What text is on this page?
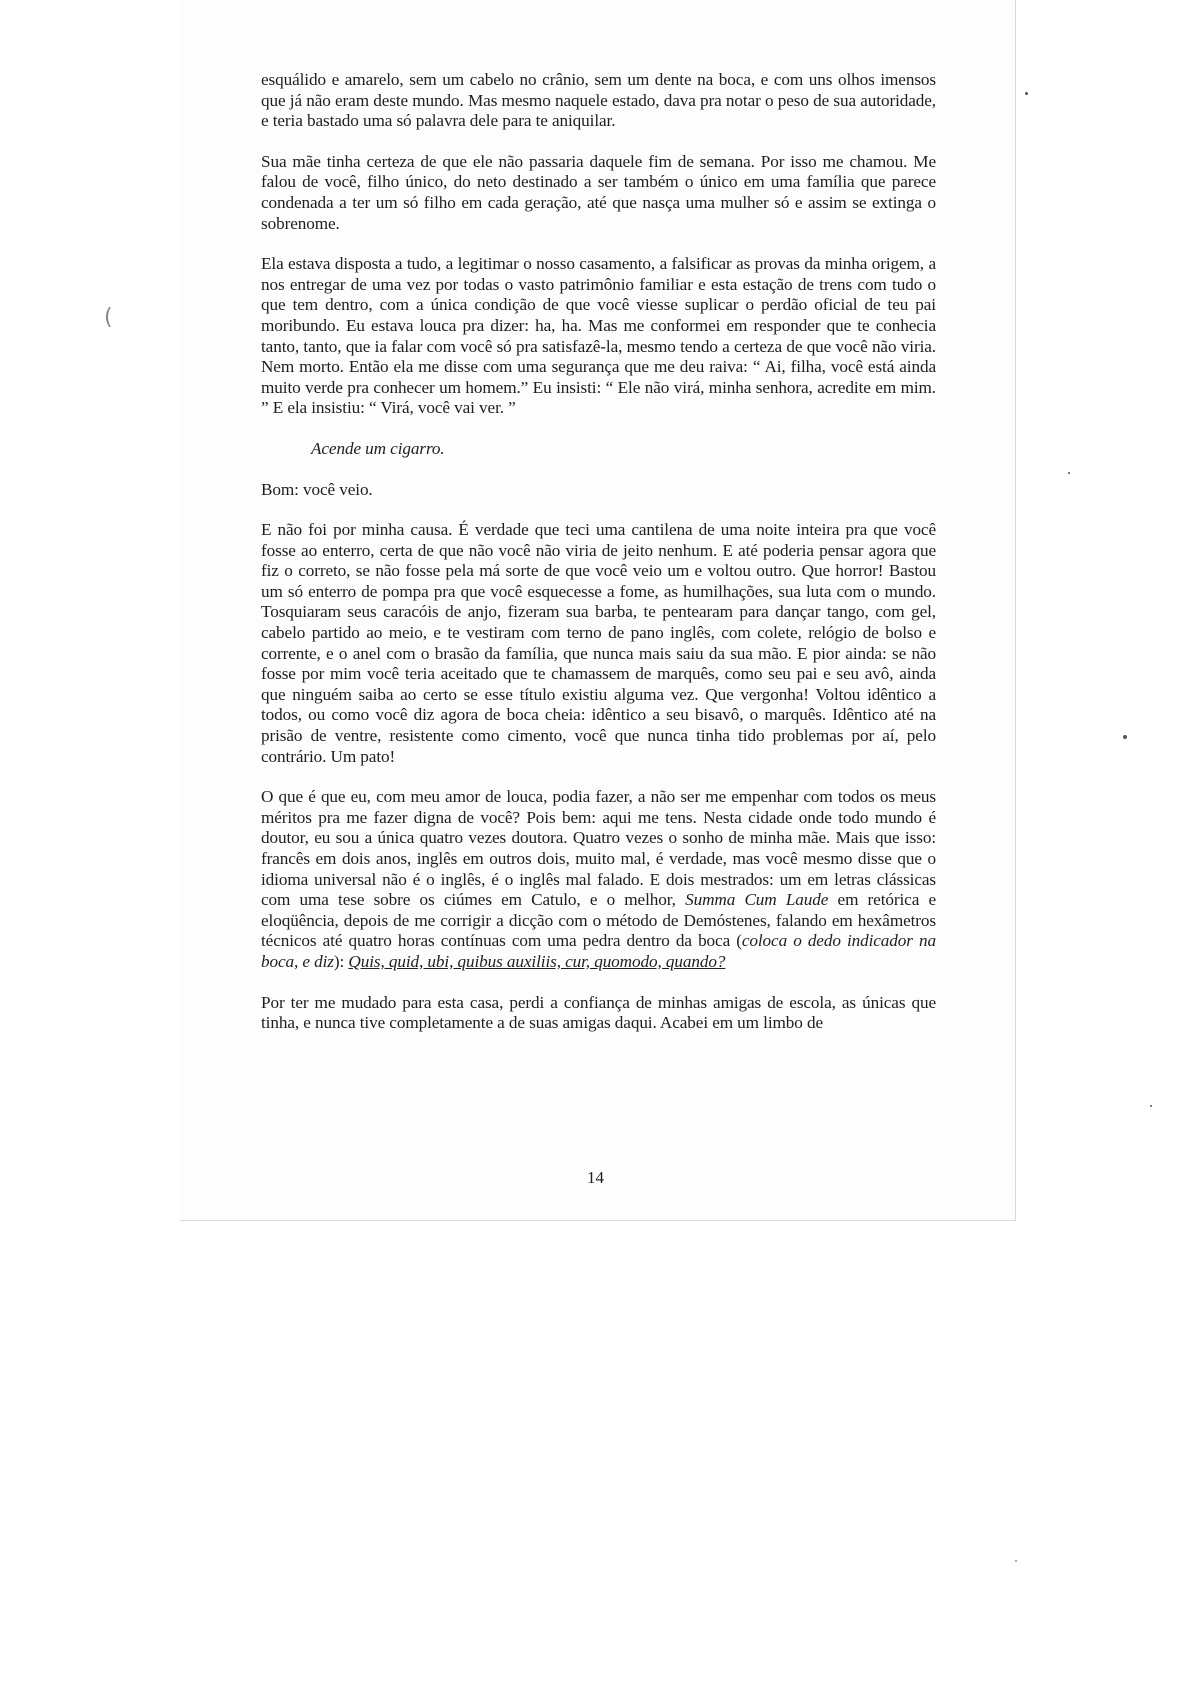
esquálido e amarelo, sem um cabelo no crânio, sem um dente na boca, e com uns olhos imensos que já não eram deste mundo. Mas mesmo naquele estado, dava pra notar o peso de sua autoridade, e teria bastado uma só palavra dele para te aniquilar.

Sua mãe tinha certeza de que ele não passaria daquele fim de semana. Por isso me chamou. Me falou de você, filho único, do neto destinado a ser também o único em uma família que parece condenada a ter um só filho em cada geração, até que nasça uma mulher só e assim se extinga o sobrenome.

Ela estava disposta a tudo, a legitimar o nosso casamento, a falsificar as provas da minha origem, a nos entregar de uma vez por todas o vasto patrimônio familiar e esta estação de trens com tudo o que tem dentro, com a única condição de que você viesse suplicar o perdão oficial de teu pai moribundo. Eu estava louca pra dizer: ha, ha. Mas me conformei em responder que te conhecia tanto, tanto, que ia falar com você só pra satisfazê-la, mesmo tendo a certeza de que você não viria. Nem morto. Então ela me disse com uma segurança que me deu raiva: “ Ai, filha, você está ainda muito verde pra conhecer um homem.” Eu insisti: “ Ele não virá, minha senhora, acredite em mim. ” E ela insistiu: “ Virá, você vai ver. ”

Acende um cigarro.

Bom: você veio.

E não foi por minha causa. É verdade que teci uma cantilena de uma noite inteira pra que você fosse ao enterro, certa de que não você não viria de jeito nenhum. E até poderia pensar agora que fiz o correto, se não fosse pela má sorte de que você veio um e voltou outro. Que horror! Bastou um só enterro de pompa pra que você esquecesse a fome, as humilhações, sua luta com o mundo. Tosquiaram seus caracóis de anjo, fizeram sua barba, te pentearam para dançar tango, com gel, cabelo partido ao meio, e te vestiram com terno de pano inglês, com colete, relógio de bolso e corrente, e o anel com o brasão da família, que nunca mais saiu da sua mão. E pior ainda: se não fosse por mim você teria aceitado que te chamassem de marquês, como seu pai e seu avô, ainda que ninguém saiba ao certo se esse título existiu alguma vez. Que vergonha! Voltou idêntico a todos, ou como você diz agora de boca cheia: idêntico a seu bisavô, o marquês. Idêntico até na prisão de ventre, resistente como cimento, você que nunca tinha tido problemas por aí, pelo contrário. Um pato!

O que é que eu, com meu amor de louca, podia fazer, a não ser me empenhar com todos os meus méritos pra me fazer digna de você? Pois bem: aqui me tens. Nesta cidade onde todo mundo é doutor, eu sou a única quatro vezes doutora. Quatro vezes o sonho de minha mãe. Mais que isso: francês em dois anos, inglês em outros dois, muito mal, é verdade, mas você mesmo disse que o idioma universal não é o inglês, é o inglês mal falado. E dois mestrados: um em letras clássicas com uma tese sobre os ciúmes em Catulo, e o melhor, Summa Cum Laude em retórica e eloqüência, depois de me corrigir a dicção com o método de Demóstenes, falando em hexâmetros técnicos até quatro horas contínuas com uma pedra dentro da boca (coloca o dedo indicador na boca, e diz): Quis, quid, ubi, quibus auxiliis, cur, quomodo, quando?

Por ter me mudado para esta casa, perdi a confiança de minhas amigas de escola, as únicas que tinha, e nunca tive completamente a de suas amigas daqui. Acabei em um limbo de

14
(
